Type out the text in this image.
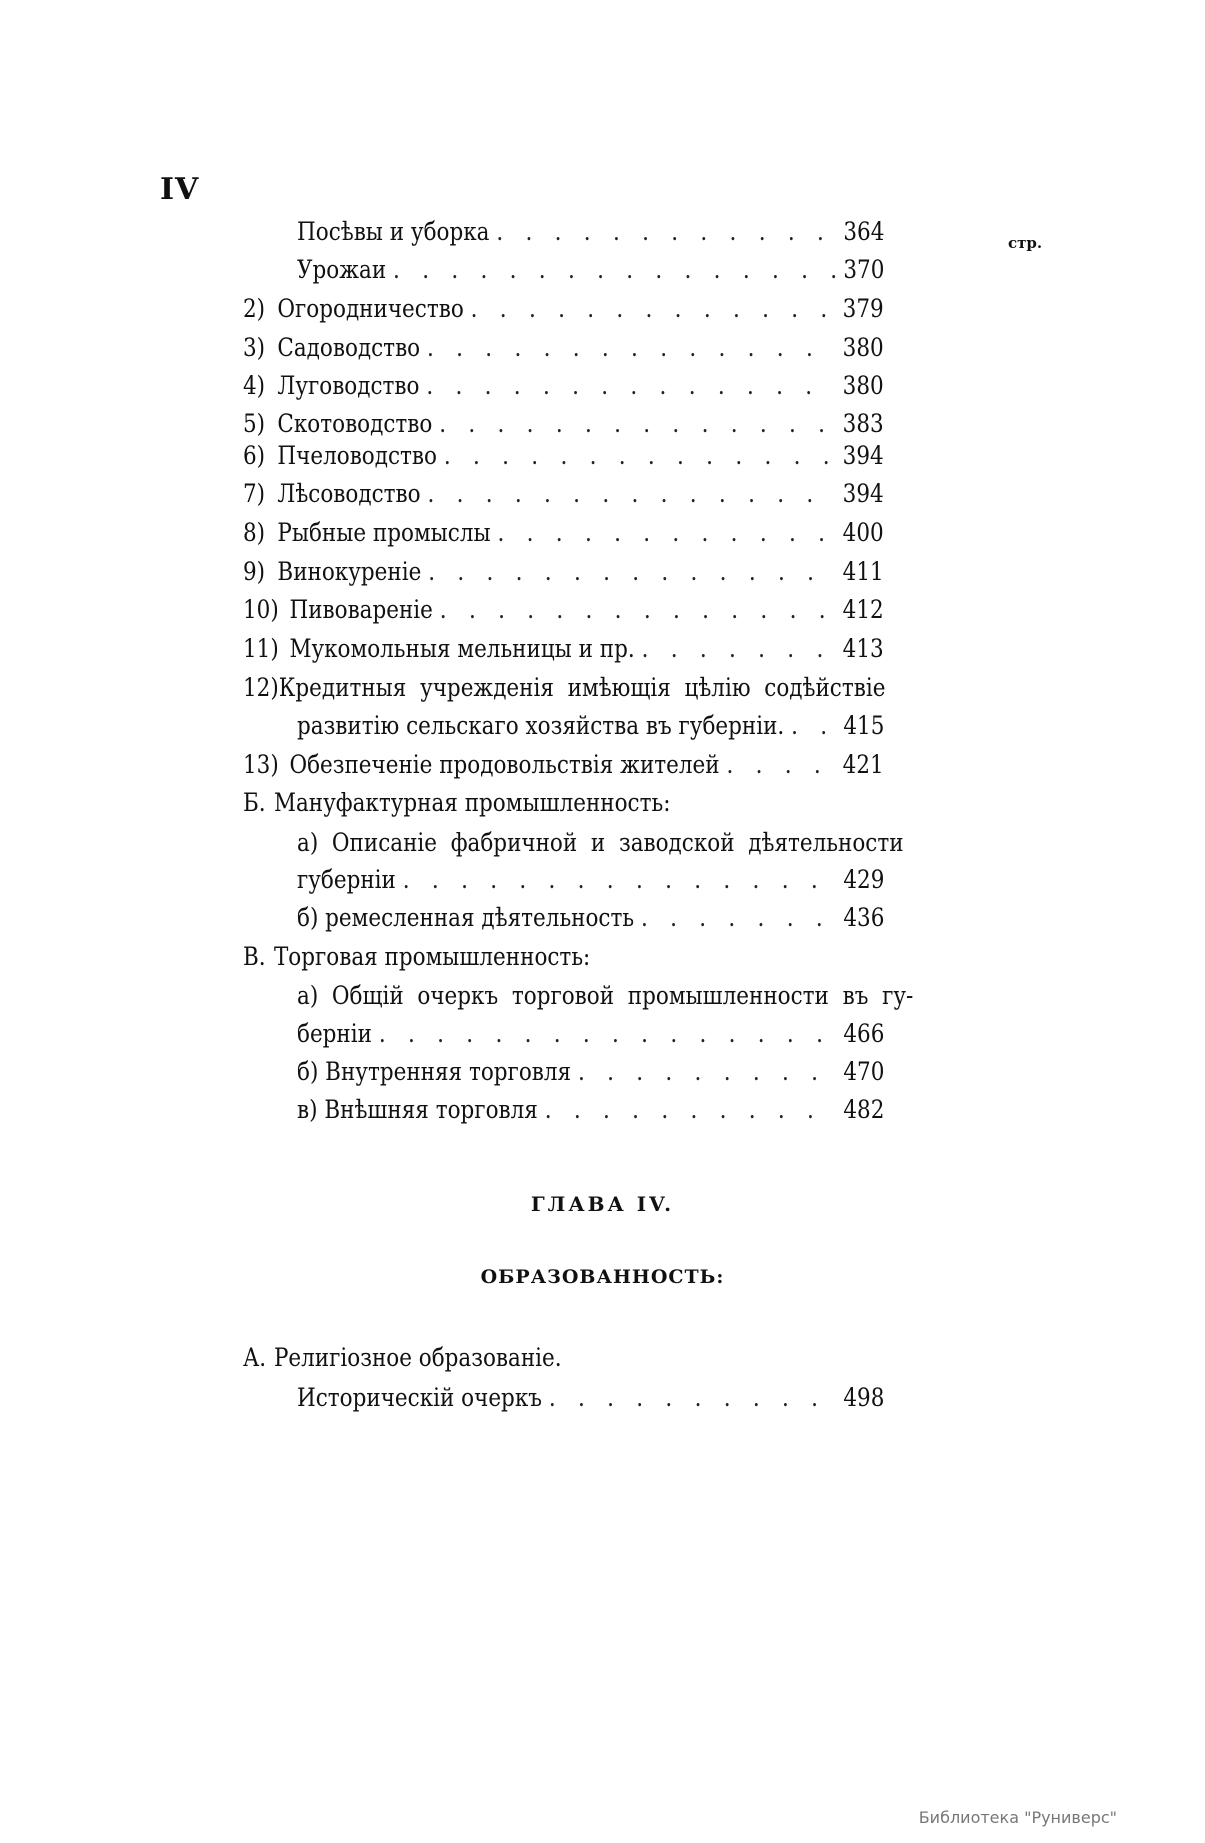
IV
стр.
Посѣвы и уборка . . .	364
Урожаи . . .	370
2) Огородничество . . .	379
3) Садоводство . . .	380
4) Луговодство . . .	380
5) Скотоводство . . .	383
6) Пчеловодство . . .	394
7) Лѣсоводство . . .	394
8) Рыбные промыслы . . .	400
9) Винокуреніе . . .	411
10) Пивовареніе . . .	412
11) Мукомольныя мельницы и пр. . . .	413
12) Кредитныя учрежденія имѣющія цѣлію содѣйствіе
развитію сельскаго хозяйства въ губерніи. . . . 415
13) Обезпеченіе продовольствія жителей . . .	421
Б. Мануфактурная промышленность:
а) Описаніе фабричной и заводской дѣятельности
губерніи . . .	429
б) ремесленная дѣятельность . . .	436
В. Торговая промышленность:
а) Общій очеркъ торговой промышленности въ гу-
берніи . . .	466
б) Внутренняя торговля . . .	470
в) Внѣшняя торговля . . .	482
ГЛАВА IV.
ОБРАЗОВАННОСТЬ:
А. Религіозное образованіе.
Историческій очеркъ . . .	498
Библиотека "Руниверс"
